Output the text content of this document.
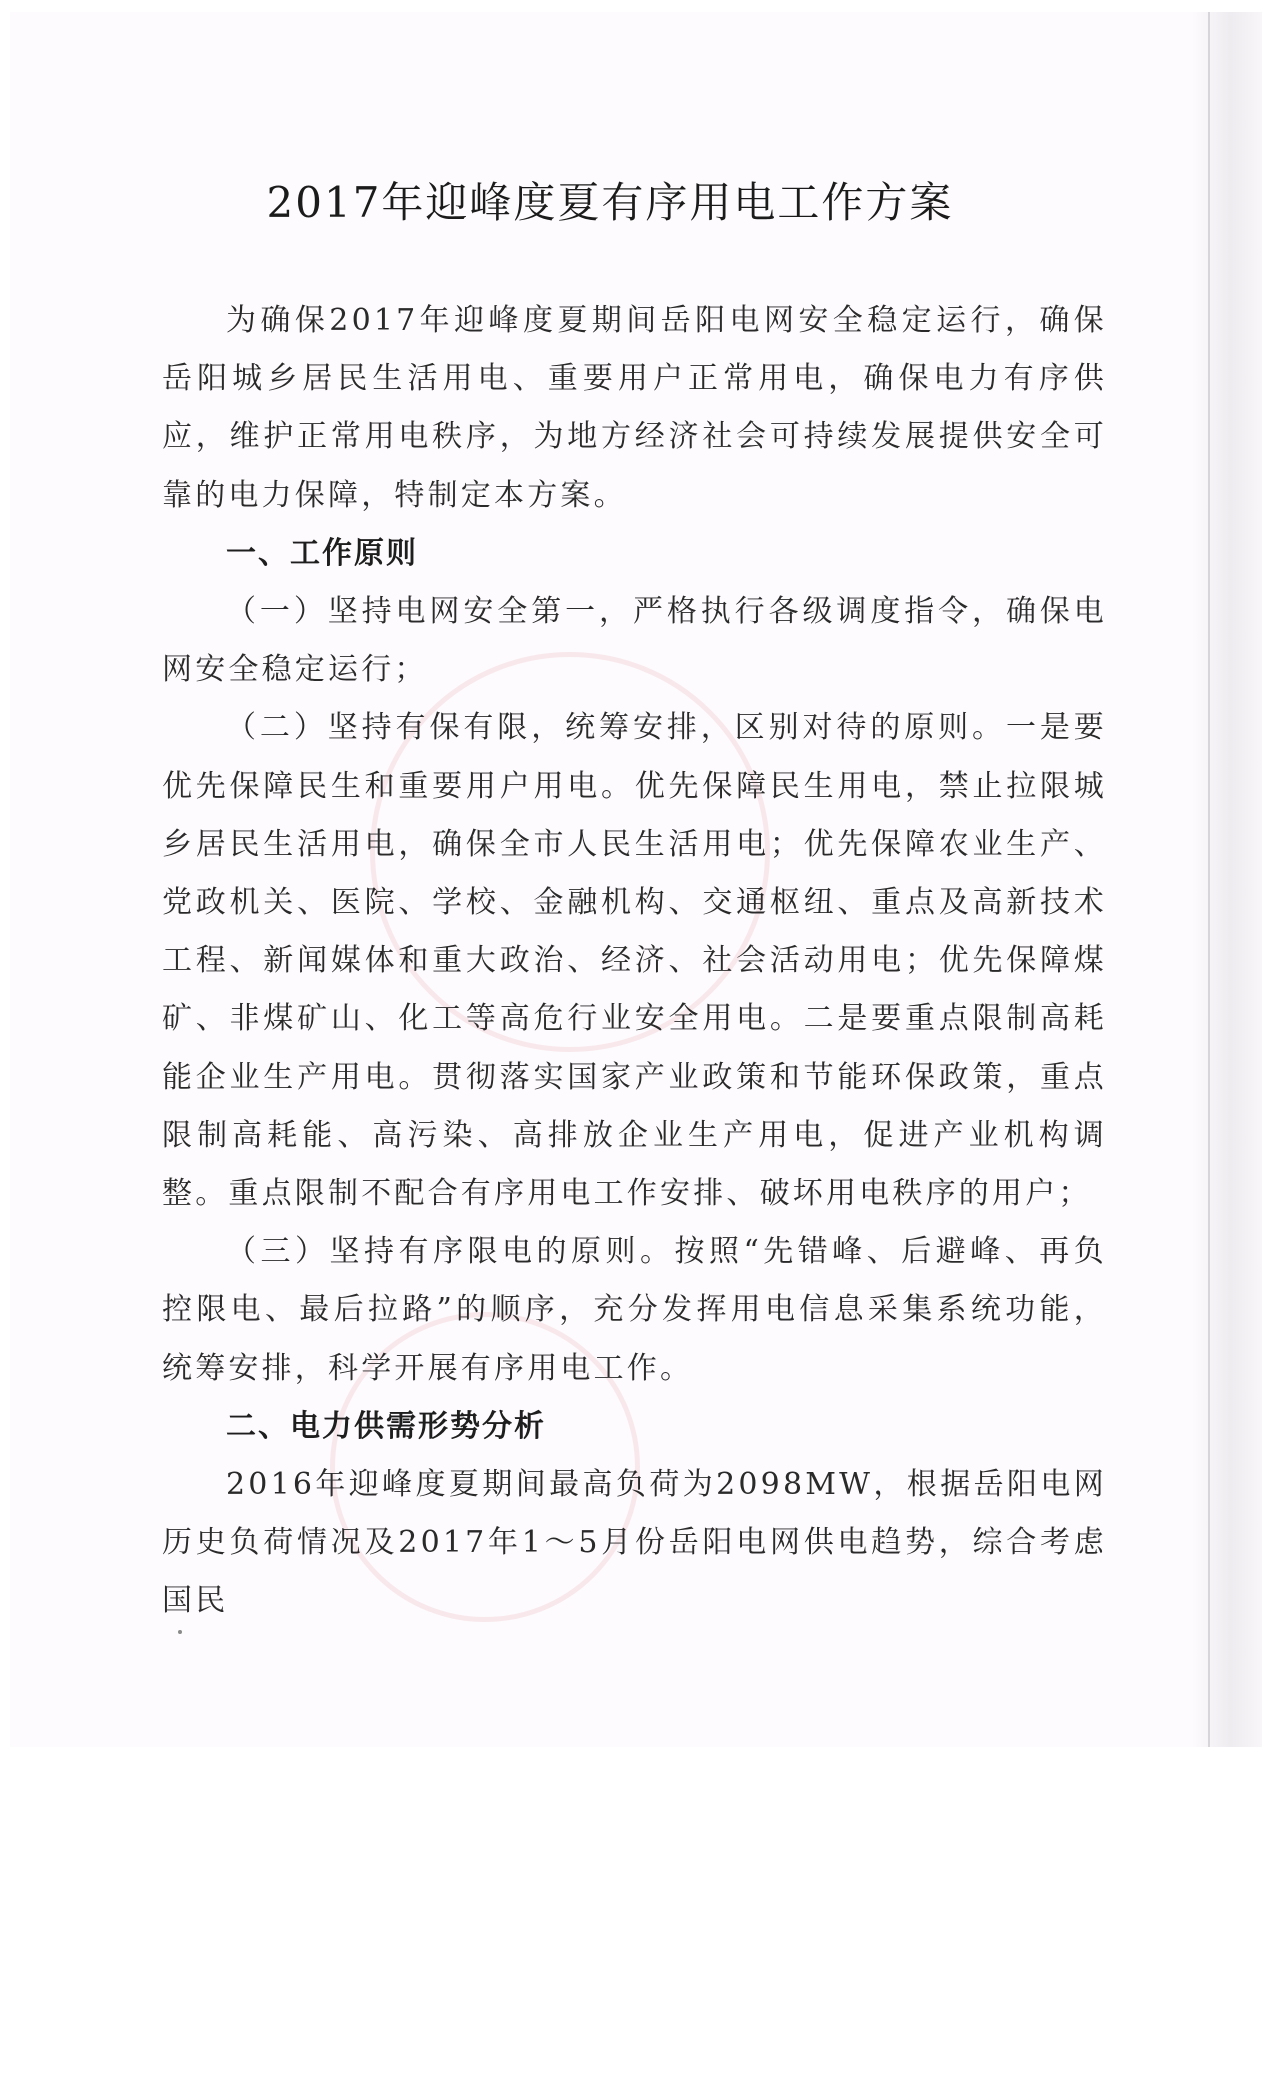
2017年迎峰度夏有序用电工作方案

为确保2017年迎峰度夏期间岳阳电网安全稳定运行，确保岳阳城乡居民生活用电、重要用户正常用电，确保电力有序供应，维护正常用电秩序，为地方经济社会可持续发展提供安全可靠的电力保障，特制定本方案。

一、工作原则

（一）坚持电网安全第一，严格执行各级调度指令，确保电网安全稳定运行；

（二）坚持有保有限，统筹安排，区别对待的原则。一是要优先保障民生和重要用户用电。优先保障民生用电，禁止拉限城乡居民生活用电，确保全市人民生活用电；优先保障农业生产、党政机关、医院、学校、金融机构、交通枢纽、重点及高新技术工程、新闻媒体和重大政治、经济、社会活动用电；优先保障煤矿、非煤矿山、化工等高危行业安全用电。二是要重点限制高耗能企业生产用电。贯彻落实国家产业政策和节能环保政策，重点限制高耗能、高污染、高排放企业生产用电，促进产业机构调整。重点限制不配合有序用电工作安排、破坏用电秩序的用户；

（三）坚持有序限电的原则。按照“先错峰、后避峰、再负控限电、最后拉路”的顺序，充分发挥用电信息采集系统功能，统筹安排，科学开展有序用电工作。

二、电力供需形势分析

2016年迎峰度夏期间最高负荷为2098MW，根据岳阳电网历史负荷情况及2017年1～5月份岳阳电网供电趋势，综合考虑国民
